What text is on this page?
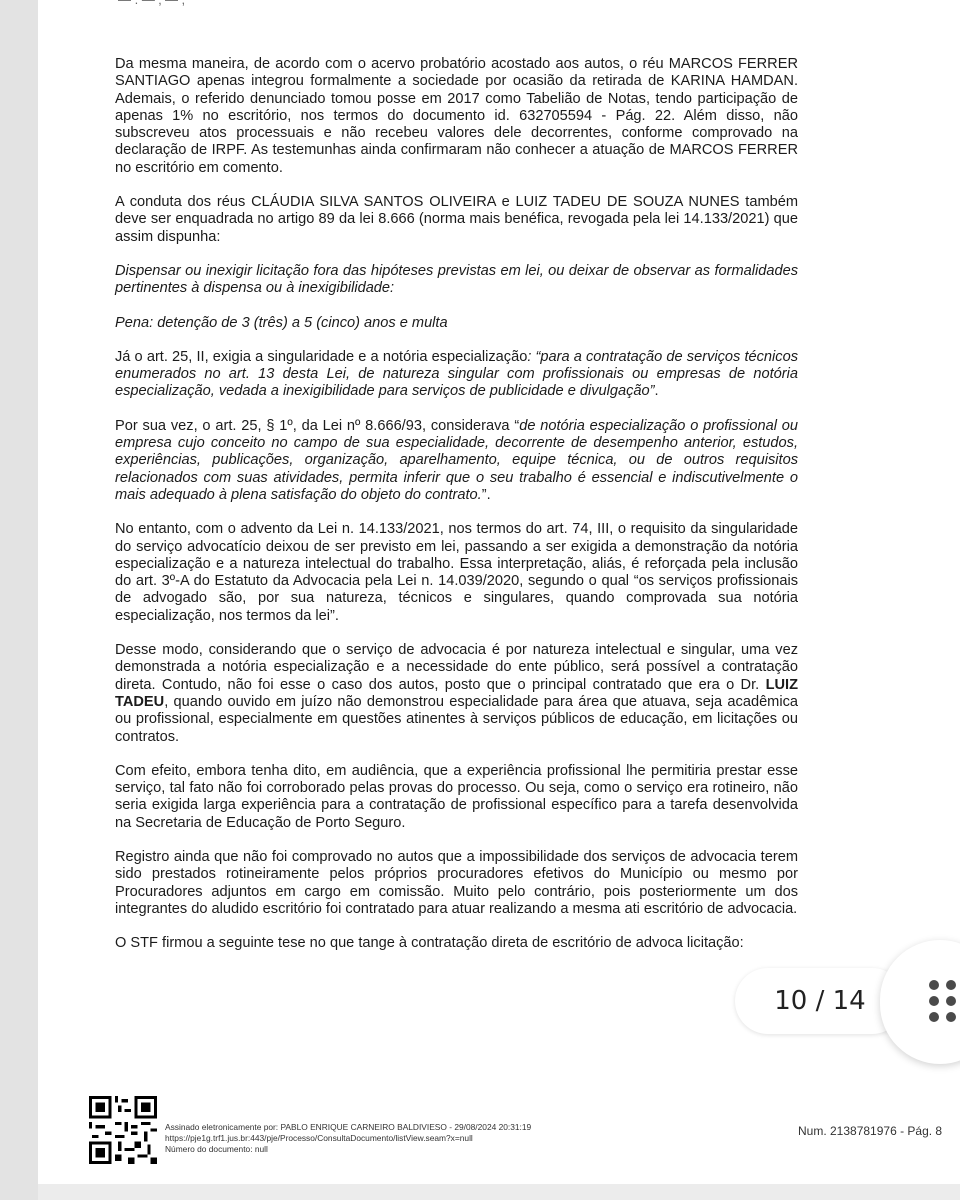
Da mesma maneira, de acordo com o acervo probatório acostado aos autos, o réu MARCOS FERRER SANTIAGO apenas integrou formalmente a sociedade por ocasião da retirada de KARINA HAMDAN. Ademais, o referido denunciado tomou posse em 2017 como Tabelião de Notas, tendo participação de apenas 1% no escritório, nos termos do documento id. 632705594 - Pág. 22. Além disso, não subscreveu atos processuais e não recebeu valores dele decorrentes, conforme comprovado na declaração de IRPF. As testemunhas ainda confirmaram não conhecer a atuação de MARCOS FERRER no escritório em comento.

A conduta dos réus CLÁUDIA SILVA SANTOS OLIVEIRA e LUIZ TADEU DE SOUZA NUNES também deve ser enquadrada no artigo 89 da lei 8.666 (norma mais benéfica, revogada pela lei 14.133/2021) que assim dispunha:

Dispensar ou inexigir licitação fora das hipóteses previstas em lei, ou deixar de observar as formalidades pertinentes à dispensa ou à inexigibilidade:

Pena: detenção de 3 (três) a 5 (cinco) anos e multa

Já o art. 25, II, exigia a singularidade e a notória especialização: “para a contratação de serviços técnicos enumerados no art. 13 desta Lei, de natureza singular com profissionais ou empresas de notória especialização, vedada a inexigibilidade para serviços de publicidade e divulgação”.

Por sua vez, o art. 25, § 1º, da Lei nº 8.666/93, considerava “de notória especialização o profissional ou empresa cujo conceito no campo de sua especialidade, decorrente de desempenho anterior, estudos, experiências, publicações, organização, aparelhamento, equipe técnica, ou de outros requisitos relacionados com suas atividades, permita inferir que o seu trabalho é essencial e indiscutivelmente o mais adequado à plena satisfação do objeto do contrato.”.

No entanto, com o advento da Lei n. 14.133/2021, nos termos do art. 74, III, o requisito da singularidade do serviço advocatício deixou de ser previsto em lei, passando a ser exigida a demonstração da notória especialização e a natureza intelectual do trabalho. Essa interpretação, aliás, é reforçada pela inclusão do art. 3º-A do Estatuto da Advocacia pela Lei n. 14.039/2020, segundo o qual “os serviços profissionais de advogado são, por sua natureza, técnicos e singulares, quando comprovada sua notória especialização, nos termos da lei”.

Desse modo, considerando que o serviço de advocacia é por natureza intelectual e singular, uma vez demonstrada a notória especialização e a necessidade do ente público, será possível a contratação direta. Contudo, não foi esse o caso dos autos, posto que o principal contratado que era o Dr. LUIZ TADEU, quando ouvido em juízo não demonstrou especialidade para área que atuava, seja acadêmica ou profissional, especialmente em questões atinentes à serviços públicos de educação, em licitações ou contratos.

Com efeito, embora tenha dito, em audiência, que a experiência profissional lhe permitiria prestar esse serviço, tal fato não foi corroborado pelas provas do processo. Ou seja, como o serviço era rotineiro, não seria exigida larga experiência para a contratação de profissional específico para a tarefa desenvolvida na Secretaria de Educação de Porto Seguro.

Registro ainda que não foi comprovado no autos que a impossibilidade dos serviços de advocacia terem sido prestados rotineiramente pelos próprios procuradores efetivos do Município ou mesmo por Procuradores adjuntos em cargo em comissão. Muito pelo contrário, pois posteriormente um dos integrantes do aludido escritório foi contratado para atuar realizando a mesma ati escritório de advocacia.

O STF firmou a seguinte tese no que tange à contratação direta de escritório de advoca licitação:

Assinado eletronicamente por: PABLO ENRIQUE CARNEIRO BALDIVIESO - 29/08/2024 20:31:19
https://pje1g.trf1.jus.br:443/pje/Processo/ConsultaDocumento/listView.seam?x=null
Número do documento: null
Num. 2138781976 - Pág. 8
10 / 14
